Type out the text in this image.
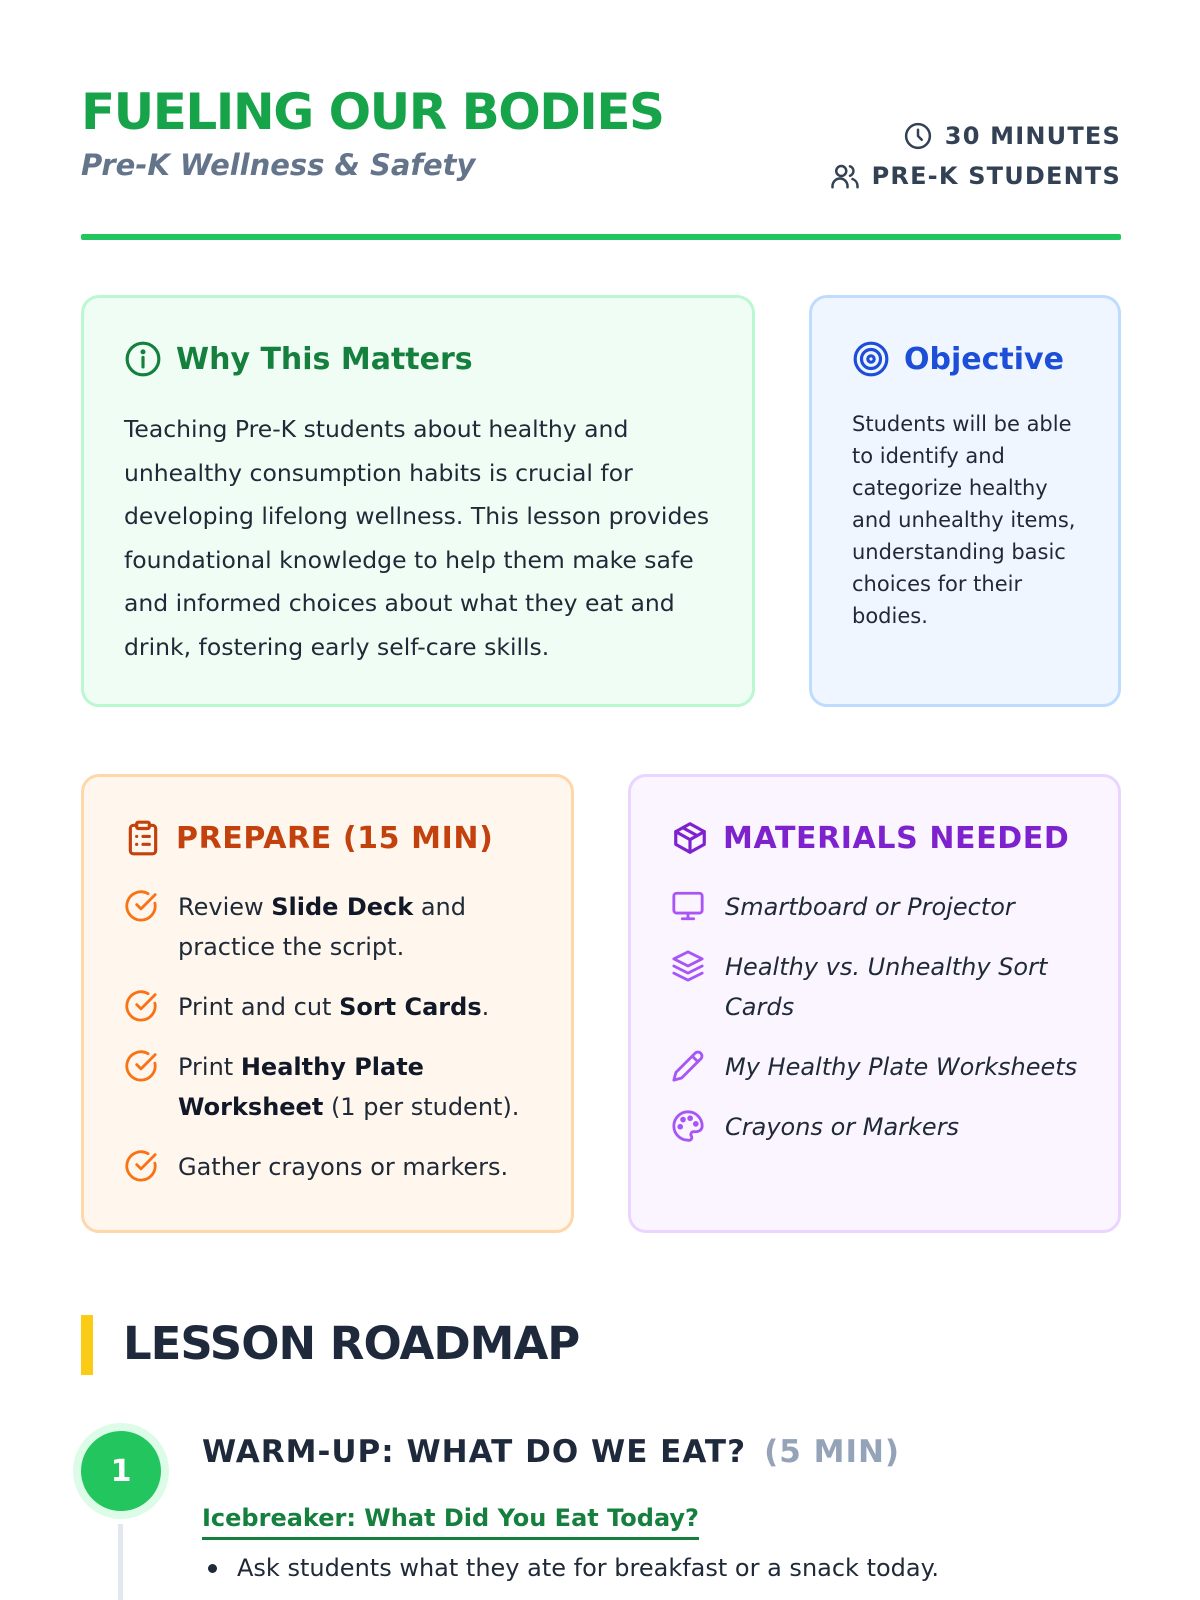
FUELING OUR BODIES
Pre-K Wellness & Safety
30 MINUTES
PRE-K STUDENTS
Why This Matters

Teaching Pre-K students about healthy and unhealthy consumption habits is crucial for developing lifelong wellness. This lesson provides foundational knowledge to help them make safe and informed choices about what they eat and drink, fostering early self-care skills.

Objective

Students will be able to identify and categorize healthy and unhealthy items, understanding basic choices for their bodies.

PREPARE (15 MIN)
Review Slide Deck and practice the script.
Print and cut Sort Cards.
Print Healthy Plate Worksheet (1 per student).
Gather crayons or markers.
MATERIALS NEEDED
Smartboard or Projector
Healthy vs. Unhealthy Sort Cards
My Healthy Plate Worksheets
Crayons or Markers
LESSON ROADMAP
1
WARM-UP: WHAT DO WE EAT? (5 MIN)
Icebreaker: What Did You Eat Today?
Ask students what they ate for breakfast or a snack today.
